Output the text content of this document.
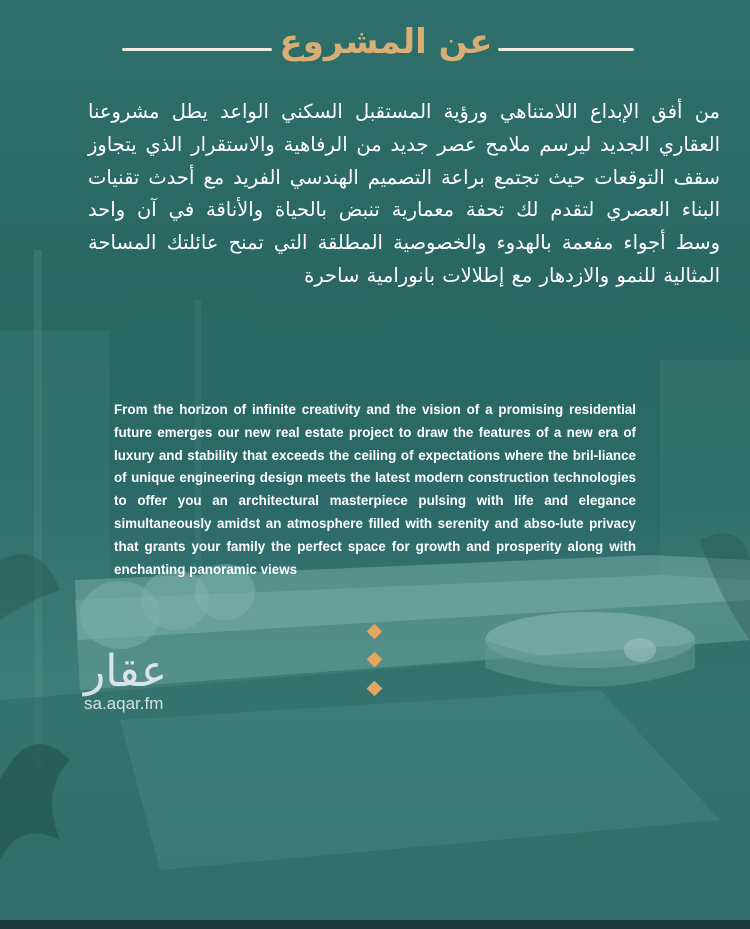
عن المشروع

من أفق الإبداع اللامتناهي ورؤية المستقبل السكني الواعد يطل مشروعنا العقاري الجديد ليرسم ملامح عصر جديد من الرفاهية والاستقرار الذي يتجاوز سقف التوقعات حيث تجتمع براعة التصميم الهندسي الفريد مع أحدث تقنيات البناء العصري لتقدم لك تحفة معمارية تنبض بالحياة والأناقة في آن واحد وسط أجواء مفعمة بالهدوء والخصوصية المطلقة التي تمنح عائلتك المساحة المثالية للنمو والازدهار مع إطلالات بانورامية ساحرة

From the horizon of infinite creativity and the vision of a promising residential future emerges our new real estate project to draw the features of a new era of luxury and stability that exceeds the ceiling of expectations where the bril-liance of unique engineering design meets the latest modern construction technologies to offer you an architectural masterpiece pulsing with life and elegance simultaneously amidst an atmosphere filled with serenity and abso-lute privacy that grants your family the perfect space for growth and prosperity along with enchanting panoramic views

عقار
sa.aqar.fm
